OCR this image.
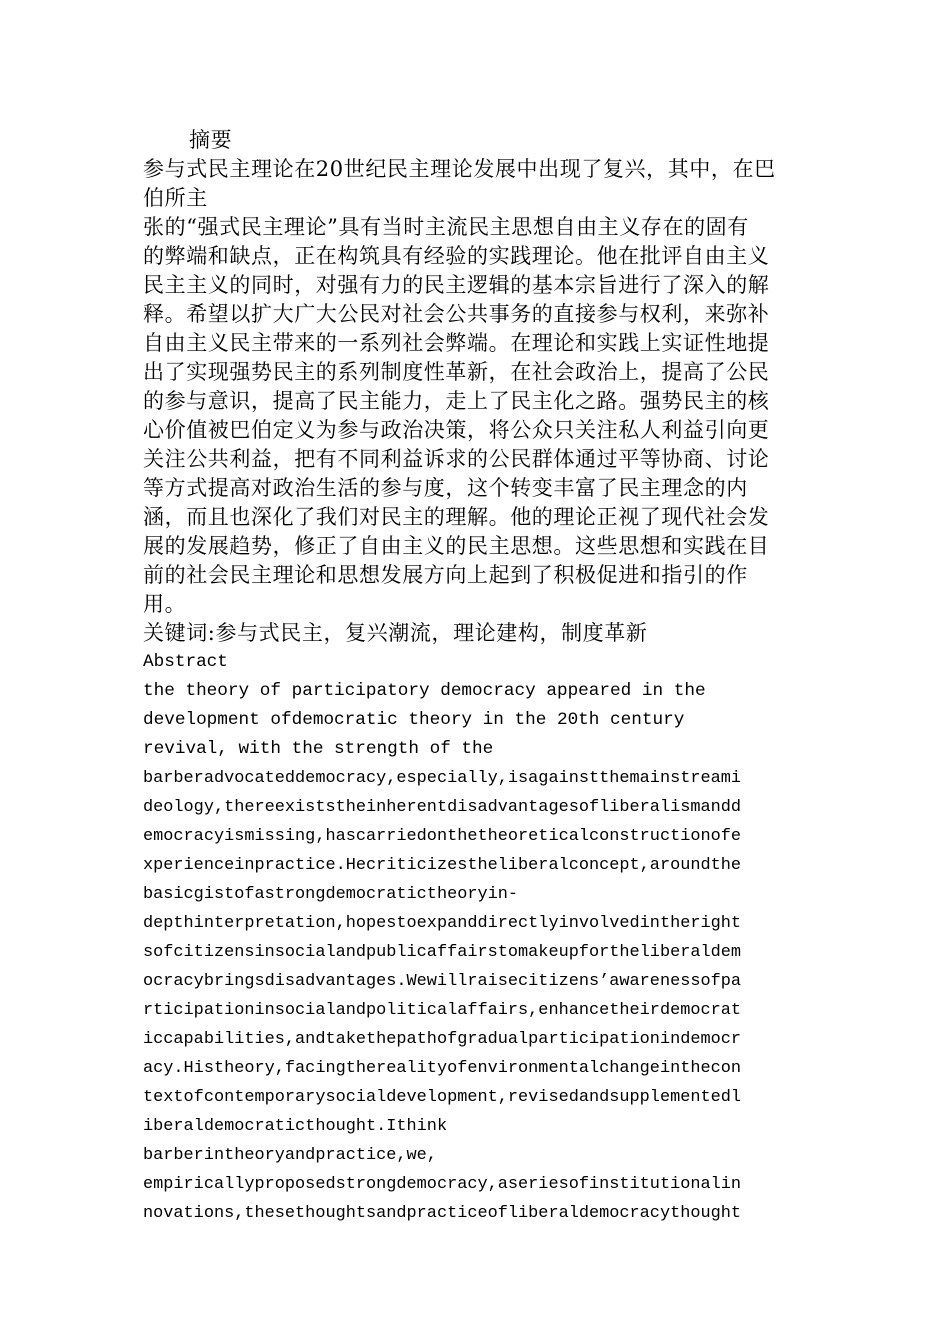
摘要
参与式民主理论在20世纪民主理论发展中出现了复兴，其中，在巴
伯所主
张的“强式民主理论”具有当时主流民主思想自由主义存在的固有
的弊端和缺点，正在构筑具有经验的实践理论。他在批评自由主义
民主主义的同时，对强有力的民主逻辑的基本宗旨进行了深入的解
释。希望以扩大广大公民对社会公共事务的直接参与权利，来弥补
自由主义民主带来的一系列社会弊端。在理论和实践上实证性地提
出了实现强势民主的系列制度性革新，在社会政治上，提高了公民
的参与意识，提高了民主能力，走上了民主化之路。强势民主的核
心价值被巴伯定义为参与政治决策，将公众只关注私人利益引向更
关注公共利益，把有不同利益诉求的公民群体通过平等协商、讨论
等方式提高对政治生活的参与度，这个转变丰富了民主理念的内
涵，而且也深化了我们对民主的理解。他的理论正视了现代社会发
展的发展趋势，修正了自由主义的民主思想。这些思想和实践在目
前的社会民主理论和思想发展方向上起到了积极促进和指引的作
用。
关键词:参与式民主，复兴潮流，理论建构，制度革新
Abstract
the theory of participatory democracy appeared in the
development ofdemocratic theory in the 20th century
revival, with the strength of the
barberadvocateddemocracy,especially,isagainstthemainstreami
deology,thereexiststheinherentdisadvantagesofliberalismandd
emocracyismissing,hascarriedonthetheoreticalconstructionofe
xperienceinpractice.Hecriticizestheliberalconcept,aroundthe
basicgistofastrongdemocratictheoryin-
depthinterpretation,hopestoexpanddirectlyinvolvedintheright
sofcitizensinsocialandpublicaffairstomakeupfortheliberaldem
ocracybringsdisadvantages.Wewillraisecitizens’awarenessofpa
rticipationinsocialandpoliticalaffairs,enhancetheirdemocrat
iccapabilities,andtakethepathofgradualparticipationindemocr
acy.Histheory,facingtherealityofenvironmentalchangeinthecon
textofcontemporarysocialdevelopment,revisedandsupplementedl
iberaldemocraticthought.Ithink
barberintheoryandpractice,we,
empiricallyproposedstrongdemocracy,aseriesofinstitutionalin
novations,thesethoughtsandpracticeofliberaldemocracythought
